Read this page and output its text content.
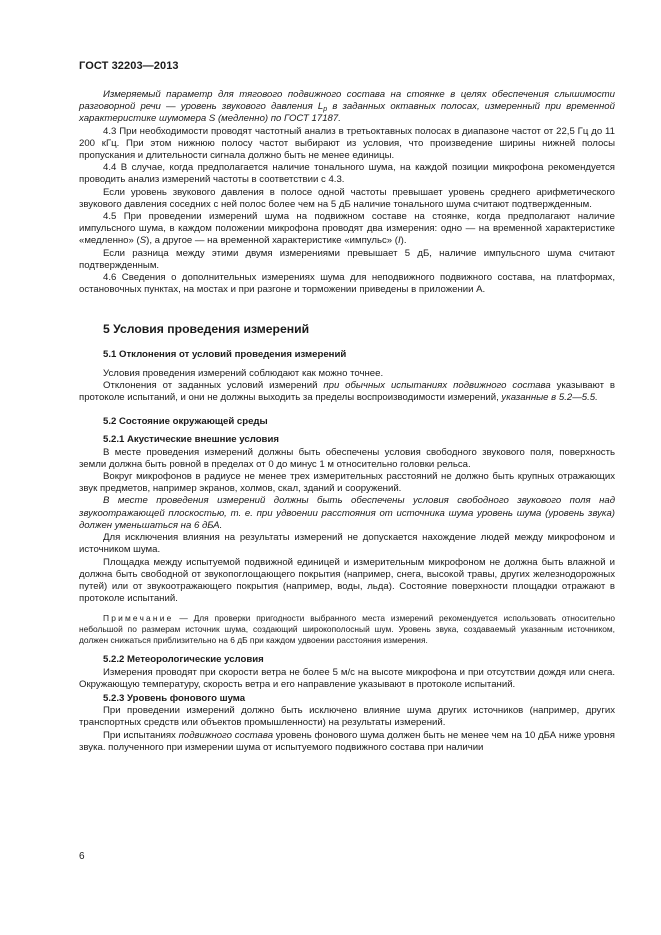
ГОСТ 32203—2013

Измеряемый параметр для тягового подвижного состава на стоянке в целях обеспечения слышимости разговорной речи — уровень звукового давления $L_p$ в заданных октавных полосах, измеренный при временной характеристике шумомера S (медленно) по ГОСТ 17187.

4.3 При необходимости проводят частотный анализ в третьоктавных полосах в диапазоне частот от 22,5 Гц до 11 200 кГц. При этом нижнюю полосу частот выбирают из условия, что произведение ширины нижней полосы пропускания и длительности сигнала должно быть не менее единицы.

4.4 В случае, когда предполагается наличие тонального шума, на каждой позиции микрофона рекомендуется проводить анализ измерений частоты в соответствии с 4.3.

Если уровень звукового давления в полосе одной частоты превышает уровень среднего арифметического звукового давления соседних с ней полос более чем на 5 дБ наличие тонального шума считают подтвержденным.

4.5 При проведении измерений шума на подвижном составе на стоянке, когда предполагают наличие импульсного шума, в каждом положении микрофона проводят два измерения: одно — на временной характеристике «медленно» (S), а другое — на временной характеристике «импульс» (I).

Если разница между этими двумя измерениями превышает 5 дБ, наличие импульсного шума считают подтвержденным.

4.6 Сведения о дополнительных измерениях шума для неподвижного подвижного состава, на платформах, остановочных пунктах, на мостах и при разгоне и торможении приведены в приложении А.

5 Условия проведения измерений
5.1 Отклонения от условий проведения измерений

Условия проведения измерений соблюдают как можно точнее.

Отклонения от заданных условий измерений при обычных испытаниях подвижного состава указывают в протоколе испытаний, и они не должны выходить за пределы воспроизводимости измерений, указанные в 5.2—5.5.

5.2 Состояние окружающей среды
5.2.1 Акустические внешние условия

В месте проведения измерений должны быть обеспечены условия свободного звукового поля, поверхность земли должна быть ровной в пределах от 0 до минус 1 м относительно головки рельса.

Вокруг микрофонов в радиусе не менее трех измерительных расстояний не должно быть крупных отражающих звук предметов, например экранов, холмов, скал, зданий и сооружений.

В месте проведения измерений должны быть обеспечены условия свободного звукового поля над звукоотражающей плоскостью, т. е. при удвоении расстояния от источника шума уровень шума (уровень звука) должен уменьшаться на 6 дБА.

Для исключения влияния на результаты измерений не допускается нахождение людей между микрофоном и источником шума.

Площадка между испытуемой подвижной единицей и измерительным микрофоном не должна быть влажной и должна быть свободной от звукопоглощающего покрытия (например, снега, высокой травы, других железнодорожных путей) или от звукоотражающего покрытия (например, воды, льда). Состояние поверхности площадки отражают в протоколе испытаний.

Примечание — Для проверки пригодности выбранного места измерений рекомендуется использовать относительно небольшой по размерам источник шума, создающий широкополосный шум. Уровень звука, создаваемый указанным источником, должен снижаться приблизительно на 6 дБ при каждом удвоении расстояния измерения.

5.2.2 Метеорологические условия

Измерения проводят при скорости ветра не более 5 м/с на высоте микрофона и при отсутствии дождя или снега. Окружающую температуру, скорость ветра и его направление указывают в протоколе испытаний.

5.2.3 Уровень фонового шума

При проведении измерений должно быть исключено влияние шума других источников (например, других транспортных средств или объектов промышленности) на результаты измерений.

При испытаниях подвижного состава уровень фонового шума должен быть не менее чем на 10 дБА ниже уровня звука. полученного при измерении шума от испытуемого подвижного состава при наличии

6
